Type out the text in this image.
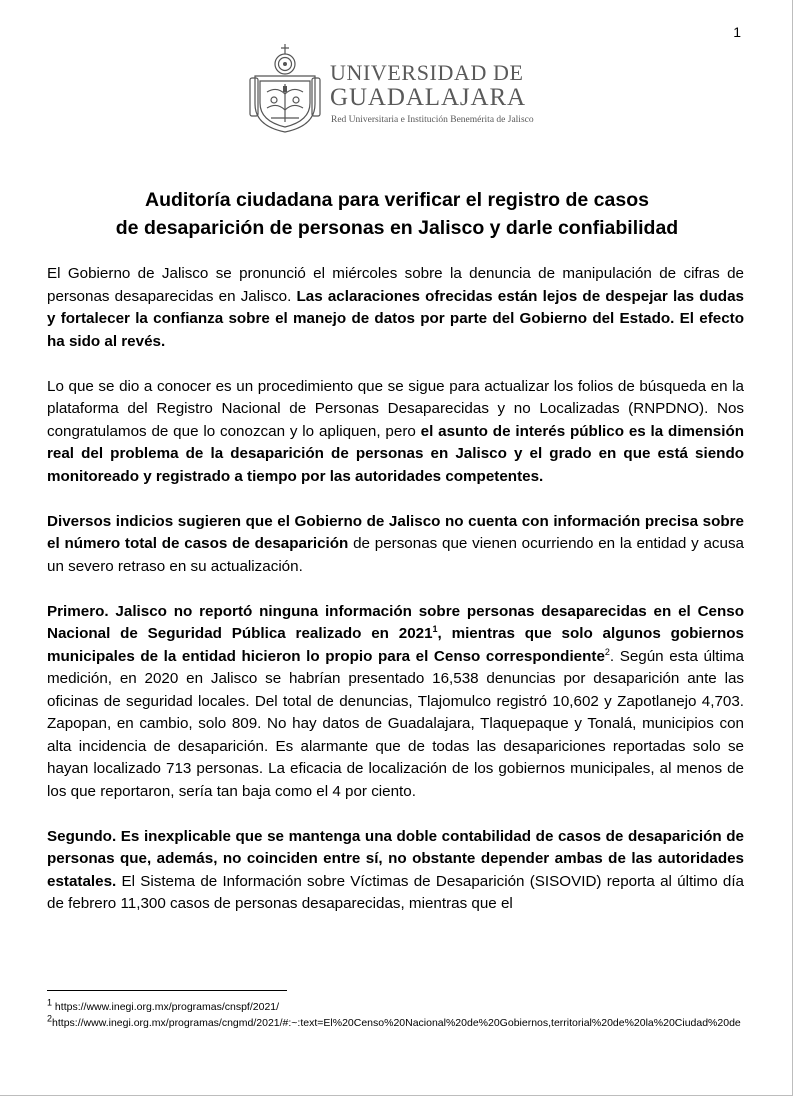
1
UNIVERSIDAD DE
GUADALAJARA
Red Universitaria e Institución Benemérita de Jalisco
Auditoría ciudadana para verificar el registro de casos
de desaparición de personas en Jalisco y darle confiabilidad

El Gobierno de Jalisco se pronunció el miércoles sobre la denuncia de manipulación de cifras de personas desaparecidas en Jalisco. Las aclaraciones ofrecidas están lejos de despejar las dudas y fortalecer la confianza sobre el manejo de datos por parte del Gobierno del Estado. El efecto ha sido al revés.

Lo que se dio a conocer es un procedimiento que se sigue para actualizar los folios de búsqueda en la plataforma del Registro Nacional de Personas Desaparecidas y no Localizadas (RNPDNO). Nos congratulamos de que lo conozcan y lo apliquen, pero el asunto de interés público es la dimensión real del problema de la desaparición de personas en Jalisco y el grado en que está siendo monitoreado y registrado a tiempo por las autoridades competentes.

Diversos indicios sugieren que el Gobierno de Jalisco no cuenta con información precisa sobre el número total de casos de desaparición de personas que vienen ocurriendo en la entidad y acusa un severo retraso en su actualización.

Primero. Jalisco no reportó ninguna información sobre personas desaparecidas en el Censo Nacional de Seguridad Pública realizado en 2021$^1$, mientras que solo algunos gobiernos municipales de la entidad hicieron lo propio para el Censo correspondiente$^2$. Según esta última medición, en 2020 en Jalisco se habrían presentado 16,538 denuncias por desaparición ante las oficinas de seguridad locales. Del total de denuncias, Tlajomulco registró 10,602 y Zapotlanejo 4,703. Zapopan, en cambio, solo 809. No hay datos de Guadalajara, Tlaquepaque y Tonalá, municipios con alta incidencia de desaparición. Es alarmante que de todas las desapariciones reportadas solo se hayan localizado 713 personas. La eficacia de localización de los gobiernos municipales, al menos de los que reportaron, sería tan baja como el 4 por ciento.

Segundo. Es inexplicable que se mantenga una doble contabilidad de casos de desaparición de personas que, además, no coinciden entre sí, no obstante depender ambas de las autoridades estatales. El Sistema de Información sobre Víctimas de Desaparición (SISOVID) reporta al último día de febrero 11,300 casos de personas desaparecidas, mientras que el

$^1$ https://www.inegi.org.mx/programas/cnspf/2021/
$^2$https://www.inegi.org.mx/programas/cngmd/2021/#:~:text=El%20Censo%20Nacional%20de%20Gobiernos,territorial%20de%20la%20Ciudad%20de
